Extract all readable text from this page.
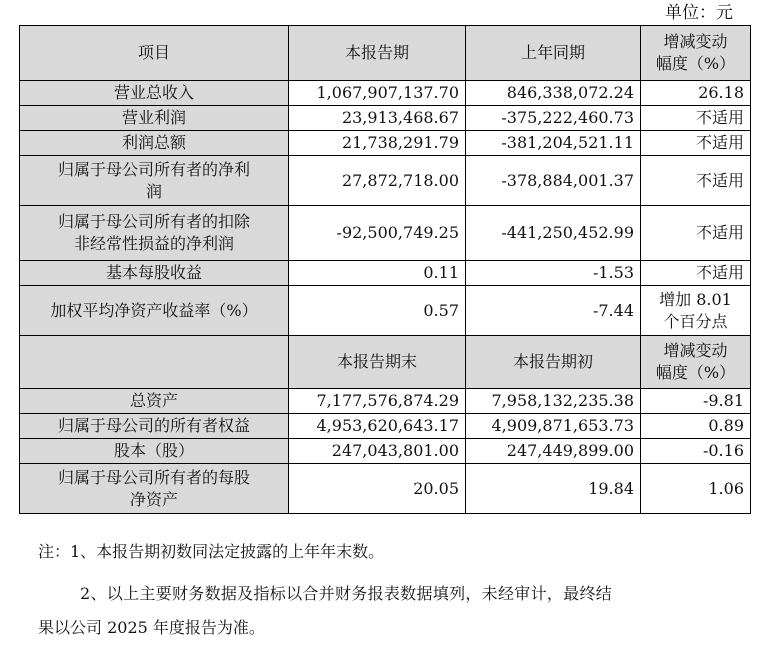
单位：元
项目	本报告期	上年同期	增减变动
幅度（%）

营业总收入	1,067,907,137.70	846,338,072.24	26.18

营业利润	23,913,468.67	-375,222,460.73	不适用

利润总额	21,738,291.79	-381,204,521.11	不适用

归属于母公司所有者的净利
润	27,872,718.00	-378,884,001.37	不适用

归属于母公司所有者的扣除
非经常性损益的净利润	-92,500,749.25	-441,250,452.99	不适用

基本每股收益	0.11	-1.53	不适用

加权平均净资产收益率（%）	0.57	-7.44	增加 8.01
个百分点

	本报告期末	本报告期初	增减变动
幅度（%）

总资产	7,177,576,874.29	7,958,132,235.38	-9.81

归属于母公司的所有者权益	4,953,620,643.17	4,909,871,653.73	0.89

股本（股）	247,043,801.00	247,449,899.00	-0.16

归属于母公司所有者的每股
净资产	20.05	19.84	1.06

注：1、本报告期初数同法定披露的上年年末数。

2、以上主要财务数据及指标以合并财务报表数据填列，未经审计，最终结

果以公司 2025 年度报告为准。
